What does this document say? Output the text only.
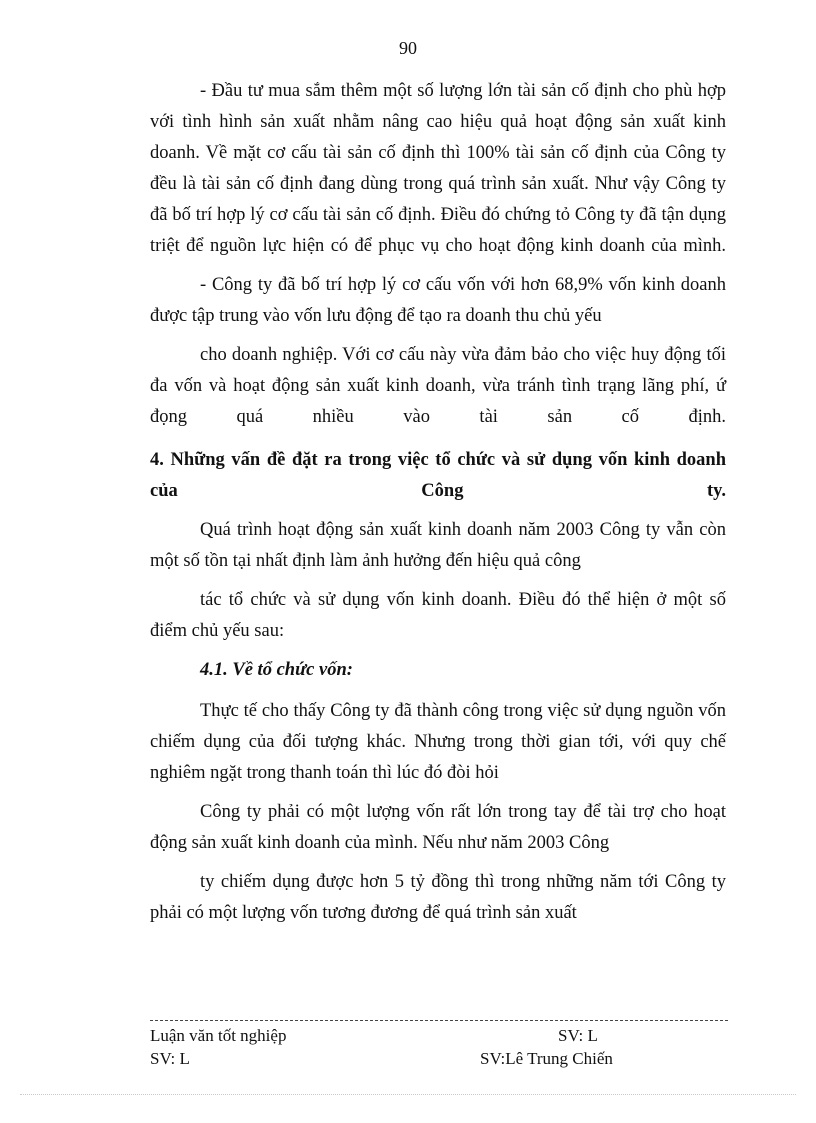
90

- Đầu tư mua sắm thêm một số lượng lớn tài sản cố định cho phù hợp với tình hình sản xuất nhằm nâng cao hiệu quả hoạt động sản xuất kinh doanh. Về mặt cơ cấu tài sản cố định thì 100% tài sản cố định của Công ty đều là tài sản cố định đang dùng trong quá trình sản xuất. Như vậy Công ty đã bố trí hợp lý cơ cấu tài sản cố định. Điều đó chứng tỏ Công ty đã tận dụng triệt để nguồn lực hiện có để phục vụ cho hoạt động kinh doanh của mình.

- Công ty đã bố trí hợp lý cơ cấu vốn với hơn 68,9% vốn kinh doanh được tập trung vào vốn lưu động để tạo ra doanh thu chủ yếu

cho doanh nghiệp. Với cơ cấu này vừa đảm bảo cho việc huy động tối đa vốn và hoạt động sản xuất kinh doanh, vừa tránh tình trạng lãng phí, ứ đọng quá nhiều vào tài sản cố định.

4. Những vấn đề đặt ra trong việc tổ chức và sử dụng vốn kinh doanh của Công ty.

Quá trình hoạt động sản xuất kinh doanh năm 2003 Công ty vẫn còn một số tồn tại nhất định làm ảnh hưởng đến hiệu quả công

tác tổ chức và sử dụng vốn kinh doanh. Điều đó thể hiện ở một số điểm chủ yếu sau:

4.1. Về tổ chức vốn:

Thực tế cho thấy Công ty đã thành công trong việc sử dụng nguồn vốn chiếm dụng của đối tượng khác. Nhưng trong thời gian tới, với quy chế nghiêm ngặt trong thanh toán thì lúc đó đòi hỏi

Công ty phải có một lượng vốn rất lớn trong tay để tài trợ cho hoạt động sản xuất kinh doanh của mình. Nếu như năm 2003 Công

ty chiếm dụng được hơn 5 tỷ đồng thì trong những năm tới Công ty phải có một lượng vốn tương đương để quá trình sản xuất

Luận văn tốt nghiệp	SV: L
SV: L	SV:Lê Trung Chiến
